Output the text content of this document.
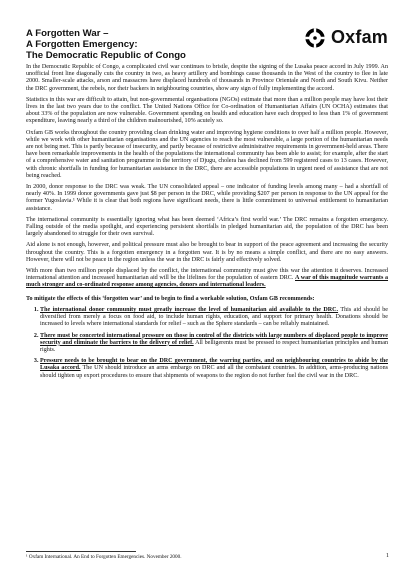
Oxfam
A Forgotten War –
A Forgotten Emergency:
The Democratic Republic of Congo

In the Democratic Republic of Congo, a complicated civil war continues to bristle, despite the signing of the Lusaka peace accord in July 1999. An unofficial front line diagonally cuts the country in two, as heavy artillery and bombings cause thousands in the West of the country to flee in late 2000. Smaller-scale attacks, arson and massacres have displaced hundreds of thousands in Province Orientale and North and South Kivu. Neither the DRC government, the rebels, nor their backers in neighbouring countries, show any sign of fully implementing the accord.

Statistics in this war are difficult to attain, but non-governmental organisations (NGOs) estimate that more than a million people may have lost their lives in the last two years due to the conflict. The United Nations Office for Co-ordination of Humanitarian Affairs (UN OCHA) estimates that about 33% of the population are now vulnerable. Government spending on health and education have each dropped to less than 1% of government expenditure, leaving nearly a third of the children malnourished, 10% acutely so.

Oxfam GB works throughout the country providing clean drinking water and improving hygiene conditions to over half a million people. However, while we work with other humanitarian organisations and the UN agencies to reach the most vulnerable, a large portion of the humanitarian needs are not being met. This is partly because of insecurity, and partly because of restrictive administrative requirements in government-held areas. There have been remarkable improvements in the health of the populations the international community has been able to assist; for example, after the start of a comprehensive water and sanitation programme in the territory of Djugu, cholera has declined from 599 registered cases to 13 cases. However, with chronic shortfalls in funding for humanitarian assistance in the DRC, there are accessible populations in urgent need of assistance that are not being reached.

In 2000, donor response to the DRC was weak. The UN consolidated appeal – one indicator of funding levels among many – had a shortfall of nearly 40%. In 1999 donor governments gave just $8 per person in the DRC, while providing $207 per person in response to the UN appeal for the former Yugoslavia.¹ While it is clear that both regions have significant needs, there is little commitment to universal entitlement to humanitarian assistance.

The international community is essentially ignoring what has been deemed ‘Africa’s first world war.’ The DRC remains a forgotten emergency. Falling outside of the media spotlight, and experiencing persistent shortfalls in pledged humanitarian aid, the population of the DRC has been largely abandoned to struggle for their own survival.

Aid alone is not enough, however, and political pressure must also be brought to bear in support of the peace agreement and increasing the security throughout the country. This is a forgotten emergency in a forgotten war. It is by no means a simple conflict, and there are no easy answers. However, there will not be peace in the region unless the war in the DRC is fairly and effectively solved.

With more than two million people displaced by the conflict, the international community must give this war the attention it deserves. Increased international attention and increased humanitarian aid will be the lifelines for the population of eastern DRC. A war of this magnitude warrants a much stronger and co-ordinated response among agencies, donors and international leaders.

To mitigate the effects of this ‘forgotten war’ and to begin to find a workable solution, Oxfam GB recommends:
1. The international donor community must greatly increase the level of humanitarian aid available to the DRC. This aid should be diversified from merely a focus on food aid, to include human rights, education, and support for primary health. Donations should be increased to levels where international standards for relief – such as the Sphere standards – can be reliably maintained.
2. There must be concerted international pressure on those in control of the districts with large numbers of displaced people to improve security and eliminate the barriers to the delivery of relief. All belligerents must be pressed to respect humanitarian principles and human rights.
3. Pressure needs to be brought to bear on the DRC government, the warring parties, and on neighbouring countries to abide by the Lusaka accord. The UN should introduce an arms embargo on DRC and all the combatant countries. In addition, arms-producing nations should tighten up export procedures to ensure that shipments of weapons to the region do not further fuel the civil war in the DRC.
¹ Oxfam International. An End to Forgotten Emergencies. November 2000.	1
